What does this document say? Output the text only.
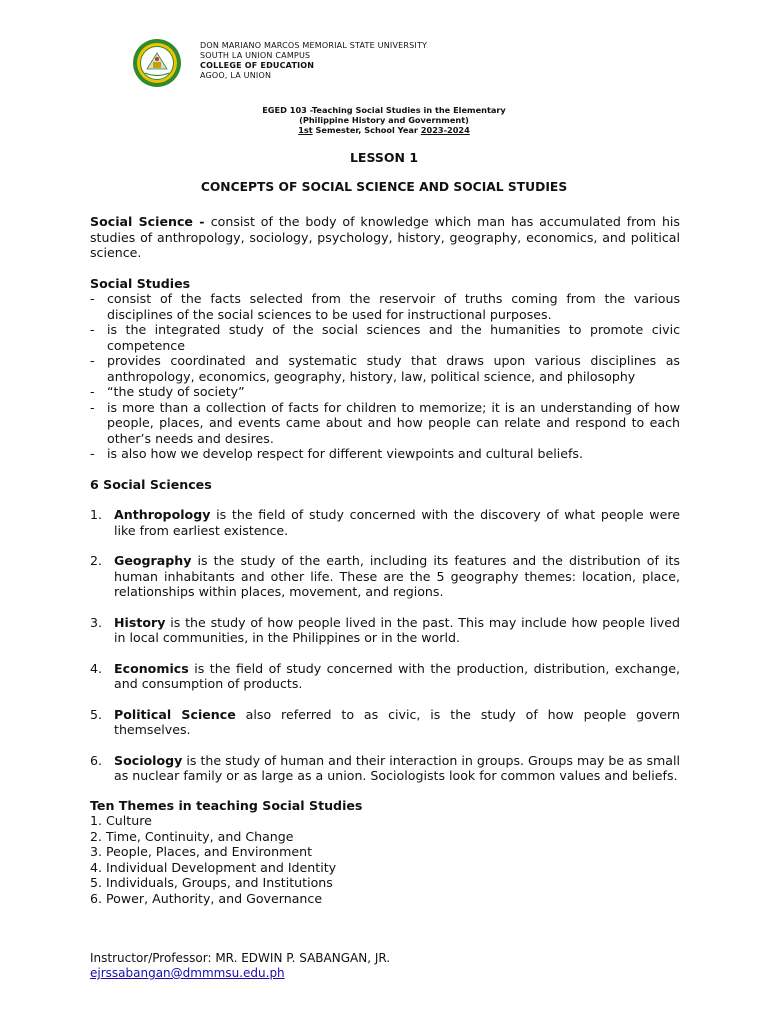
DON MARIANO MARCOS MEMORIAL STATE UNIVERSITY
SOUTH LA UNION CAMPUS
COLLEGE OF EDUCATION
AGOO, LA UNION
EGED 103 -Teaching Social Studies in the Elementary
(Philippine History and Government)
1st Semester, School Year 2023-2024
LESSON 1
CONCEPTS OF SOCIAL SCIENCE AND SOCIAL STUDIES

Social Science - consist of the body of knowledge which man has accumulated from his studies of anthropology, sociology, psychology, history, geography, economics, and political science.

Social Studies

- consist of the facts selected from the reservoir of truths coming from the various disciplines of the social sciences to be used for instructional purposes.
- is the integrated study of the social sciences and the humanities to promote civic competence
- provides coordinated and systematic study that draws upon various disciplines as anthropology, economics, geography, history, law, political science, and philosophy
- “the study of society”
- is more than a collection of facts for children to memorize; it is an understanding of how people, places, and events came about and how people can relate and respond to each other’s needs and desires.
- is also how we develop respect for different viewpoints and cultural beliefs.

6 Social Sciences

1. Anthropology is the field of study concerned with the discovery of what people were like from earliest existence.
2. Geography is the study of the earth, including its features and the distribution of its human inhabitants and other life. These are the 5 geography themes: location, place, relationships within places, movement, and regions.
3. History is the study of how people lived in the past. This may include how people lived in local communities, in the Philippines or in the world.
4. Economics is the field of study concerned with the production, distribution, exchange, and consumption of products.
5. Political Science also referred to as civic, is the study of how people govern themselves.
6. Sociology is the study of human and their interaction in groups. Groups may be as small as nuclear family or as large as a union. Sociologists look for common values and beliefs.

Ten Themes in teaching Social Studies

1. Culture
2. Time, Continuity, and Change
3. People, Places, and Environment
4. Individual Development and Identity
5. Individuals, Groups, and Institutions
6. Power, Authority, and Governance
Instructor/Professor: MR. EDWIN P. SABANGAN, JR.
ejrssabangan@dmmmsu.edu.ph
